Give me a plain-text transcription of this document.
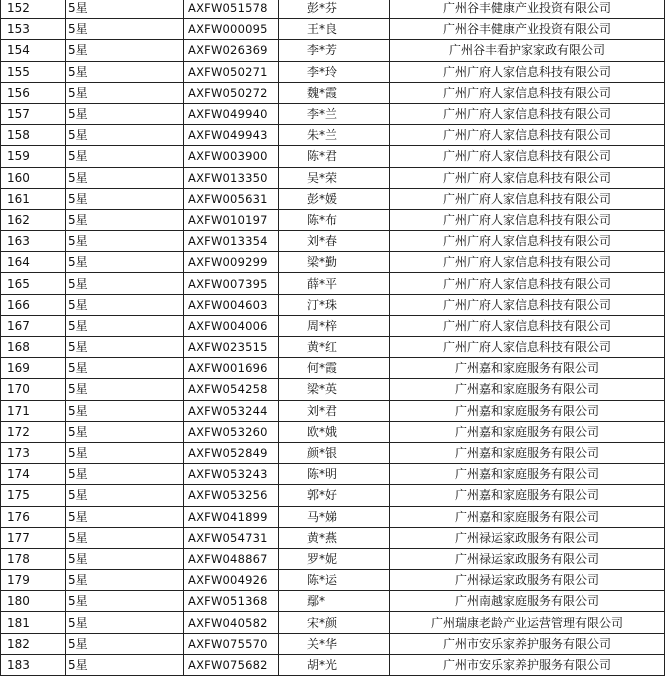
152	5星	AXFW051578	彭*芬	广州谷丰健康产业投资有限公司
153	5星	AXFW000095	王*良	广州谷丰健康产业投资有限公司
154	5星	AXFW026369	李*芳	广州谷丰看护家家政有限公司
155	5星	AXFW050271	李*玲	广州广府人家信息科技有限公司
156	5星	AXFW050272	魏*霞	广州广府人家信息科技有限公司
157	5星	AXFW049940	李*兰	广州广府人家信息科技有限公司
158	5星	AXFW049943	朱*兰	广州广府人家信息科技有限公司
159	5星	AXFW003900	陈*君	广州广府人家信息科技有限公司
160	5星	AXFW013350	吴*荣	广州广府人家信息科技有限公司
161	5星	AXFW005631	彭*媛	广州广府人家信息科技有限公司
162	5星	AXFW010197	陈*布	广州广府人家信息科技有限公司
163	5星	AXFW013354	刘*春	广州广府人家信息科技有限公司
164	5星	AXFW009299	梁*勤	广州广府人家信息科技有限公司
165	5星	AXFW007395	薛*平	广州广府人家信息科技有限公司
166	5星	AXFW004603	汀*珠	广州广府人家信息科技有限公司
167	5星	AXFW004006	周*梓	广州广府人家信息科技有限公司
168	5星	AXFW023515	黄*红	广州广府人家信息科技有限公司
169	5星	AXFW001696	何*霞	广州嘉和家庭服务有限公司
170	5星	AXFW054258	梁*英	广州嘉和家庭服务有限公司
171	5星	AXFW053244	刘*君	广州嘉和家庭服务有限公司
172	5星	AXFW053260	欧*娥	广州嘉和家庭服务有限公司
173	5星	AXFW052849	颜*银	广州嘉和家庭服务有限公司
174	5星	AXFW053243	陈*明	广州嘉和家庭服务有限公司
175	5星	AXFW053256	郭*好	广州嘉和家庭服务有限公司
176	5星	AXFW041899	马*娣	广州嘉和家庭服务有限公司
177	5星	AXFW054731	黄*燕	广州禄运家政服务有限公司
178	5星	AXFW048867	罗*妮	广州禄运家政服务有限公司
179	5星	AXFW004926	陈*运	广州禄运家政服务有限公司
180	5星	AXFW051368	鄢*	广州南越家庭服务有限公司
181	5星	AXFW040582	宋*颜	广州瑞康老龄产业运营管理有限公司
182	5星	AXFW075570	关*华	广州市安乐家养护服务有限公司
183	5星	AXFW075682	胡*光	广州市安乐家养护服务有限公司
